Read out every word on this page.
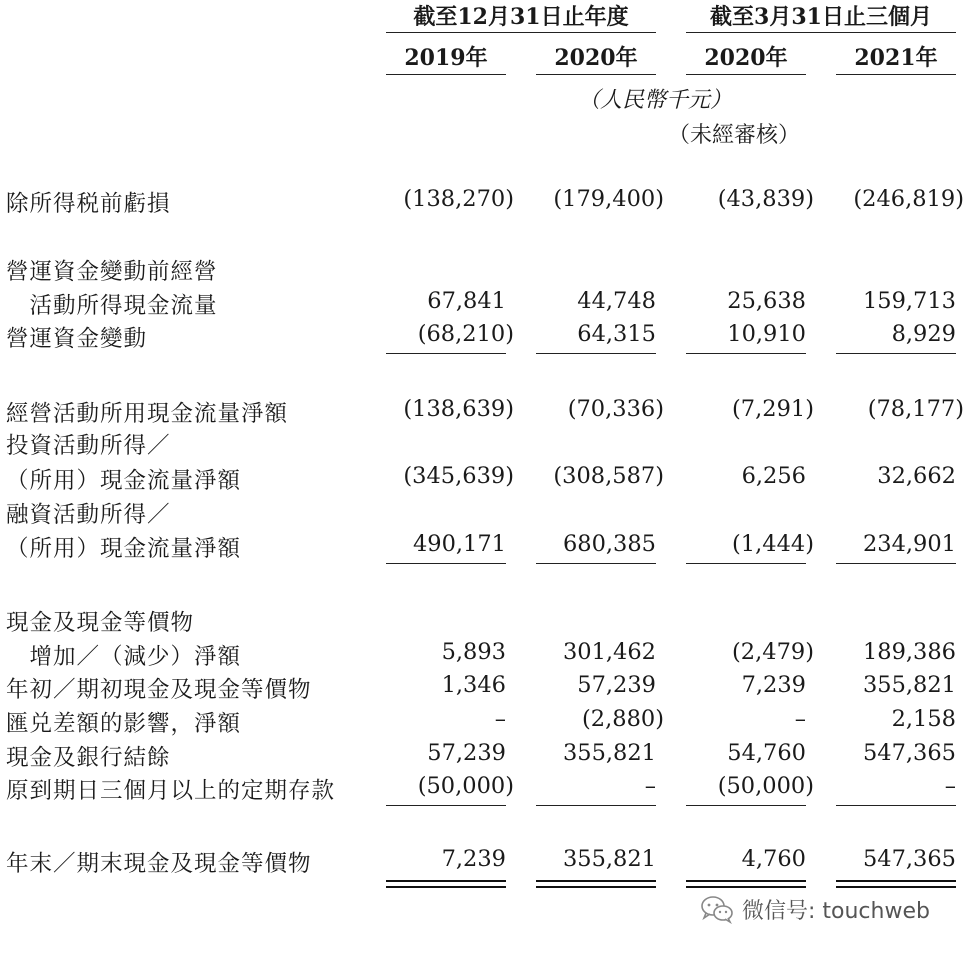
截至12月31日止年度	截至3月31日止三個月
2019年	2020年	2020年	2021年
（人民幣千元）
（未經審核）
除所得税前虧損	(138,270)	(179,400)	(43,839)	(246,819)
營運資金變動前經營
　活動所得現金流量	67,841	44,748	25,638	159,713
營運資金變動	(68,210)	64,315	10,910	8,929
經營活動所用現金流量淨額	(138,639)	(70,336)	(7,291)	(78,177)
投資活動所得／
（所用）現金流量淨額	(345,639)	(308,587)	6,256	32,662
融資活動所得／
（所用）現金流量淨額	490,171	680,385	(1,444)	234,901
現金及現金等價物
　增加／（減少）淨額	5,893	301,462	(2,479)	189,386
年初／期初現金及現金等價物	1,346	57,239	7,239	355,821
匯兑差額的影響，淨額	–	(2,880)	–	2,158
現金及銀行結餘	57,239	355,821	54,760	547,365
原到期日三個月以上的定期存款	(50,000)	–	(50,000)	–
年末／期末現金及現金等價物	7,239	355,821	4,760	547,365
微信号: touchweb
